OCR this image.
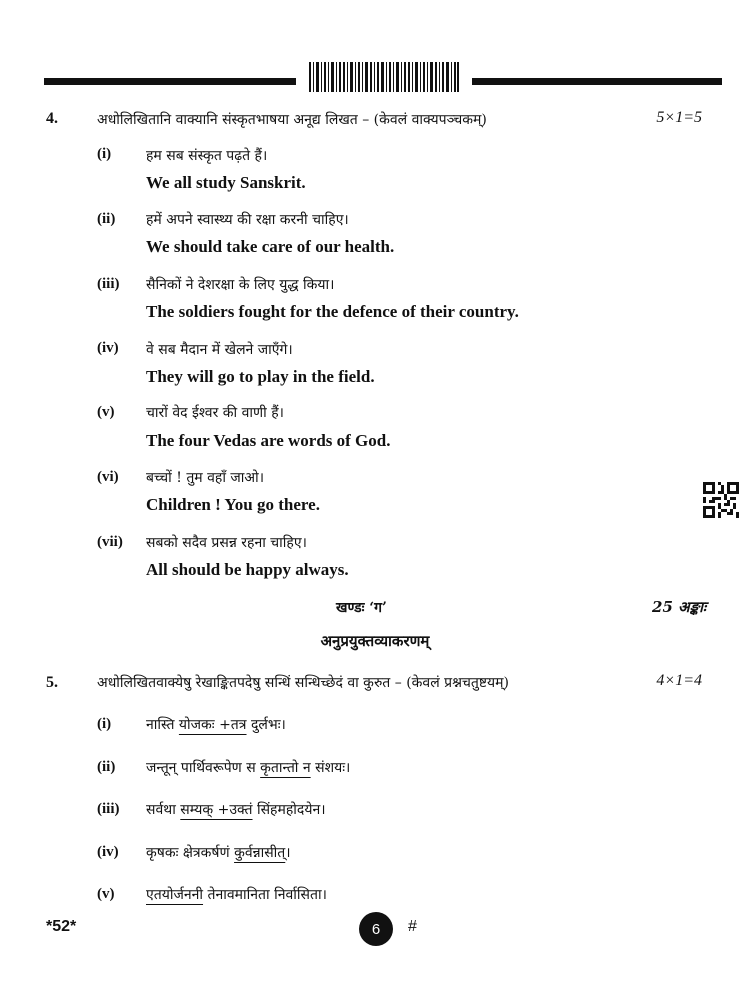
4.	अधोलिखितानि वाक्यानि संस्कृतभाषया अनूद्य लिखत – (केवलं वाक्यपञ्चकम्)	5×1=5
(i) हम सब संस्कृत पढ़ते हैं।
We all study Sanskrit.
(ii) हमें अपने स्वास्थ्य की रक्षा करनी चाहिए।
We should take care of our health.
(iii) सैनिकों ने देशरक्षा के लिए युद्ध किया।
The soldiers fought for the defence of their country.
(iv) वे सब मैदान में खेलने जाएँगे।
They will go to play in the field.
(v) चारों वेद ईश्वर की वाणी हैं।
The four Vedas are words of God.
(vi) बच्चों ! तुम वहाँ जाओ।
Children ! You go there.
(vii) सबको सदैव प्रसन्न रहना चाहिए।
All should be happy always.
खण्डः ‘ग’	25 अङ्काः
अनुप्रयुक्तव्याकरणम्
5.	अधोलिखितवाक्येषु रेखाङ्कितपदेषु सन्धिं सन्धिच्छेदं वा कुरुत – (केवलं प्रश्नचतुष्टयम्)	4×1=4
(i) नास्ति योजकः +तत्र दुर्लभः।
(ii) जन्तून् पार्थिवरूपेण स कृतान्तो न संशयः।
(iii) सर्वथा सम्यक् +उक्तं सिंहमहोदयेन।
(iv) कृषकः क्षेत्रकर्षणं कुर्वन्नासीत्।
(v) एतयोर्जननी तेनावमानिता निर्वासिता।
*52*	6	#
